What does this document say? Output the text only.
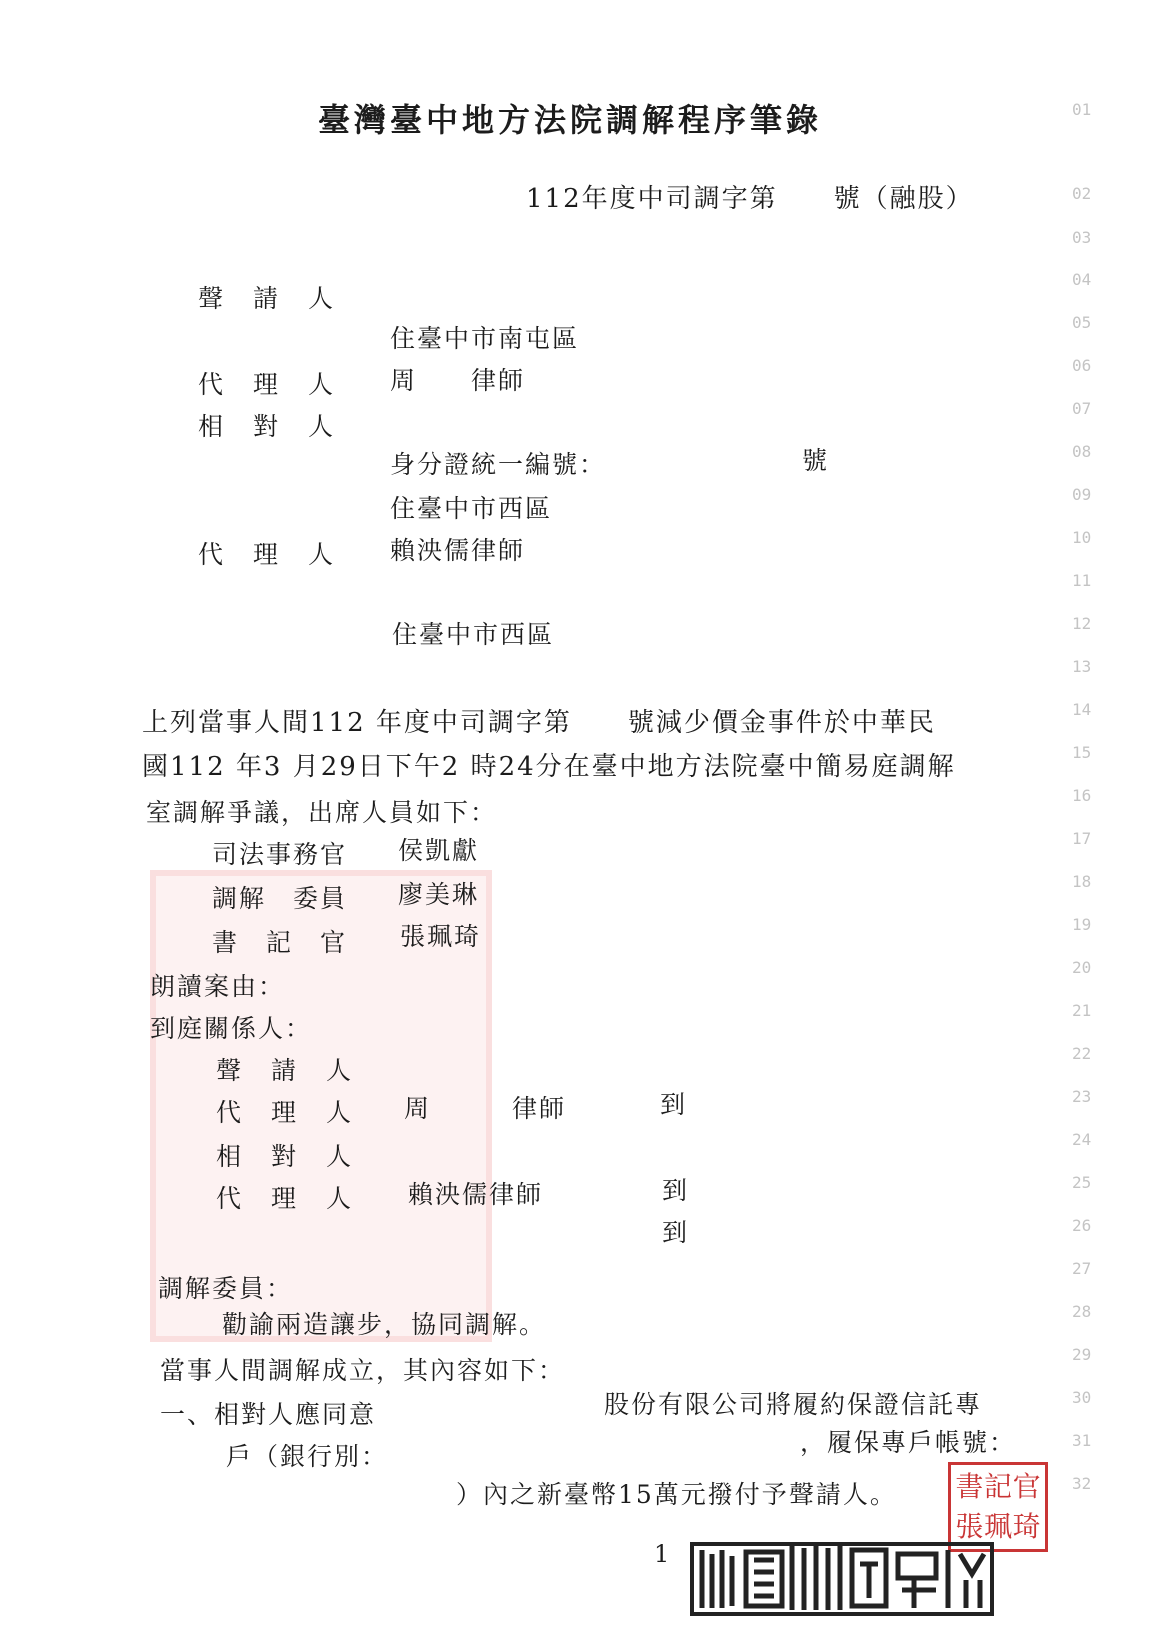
臺灣臺中地方法院調解程序筆錄
112年度中司調字第　　號（融股）
聲請人
住臺中市南屯區
代理人 周　　律師
相對人
身分證統一編號：	號
住臺中市西區
代理人 賴泱儒律師
住臺中市西區
上列當事人間112 年度中司調字第　　號減少價金事件於中華民
國112 年3 月29日下午2 時24分在臺中地方法院臺中簡易庭調解
室調解爭議，出席人員如下：
司法事務官 侯凱獻
調解　委員 廖美琳
書　記　官 張珮琦
朗讀案由：
到庭關係人：
聲請人
代理人 周　　　律師	到
相對人
代理人 賴泱儒律師	到
到
調解委員：
勸諭兩造讓步，協同調解。
當事人間調解成立，其內容如下：
一、相對人應同意	股份有限公司將履約保證信託專
戶（銀行別：	，履保專戶帳號：
）內之新臺幣15萬元撥付予聲請人。
01
02
03
04
05
06
07
08
09
10
11
12
13
14
15
16
17
18
19
20
21
22
23
24
25
26
27
28
29
30
31
32
書 記 官
張 珮 琦
1
